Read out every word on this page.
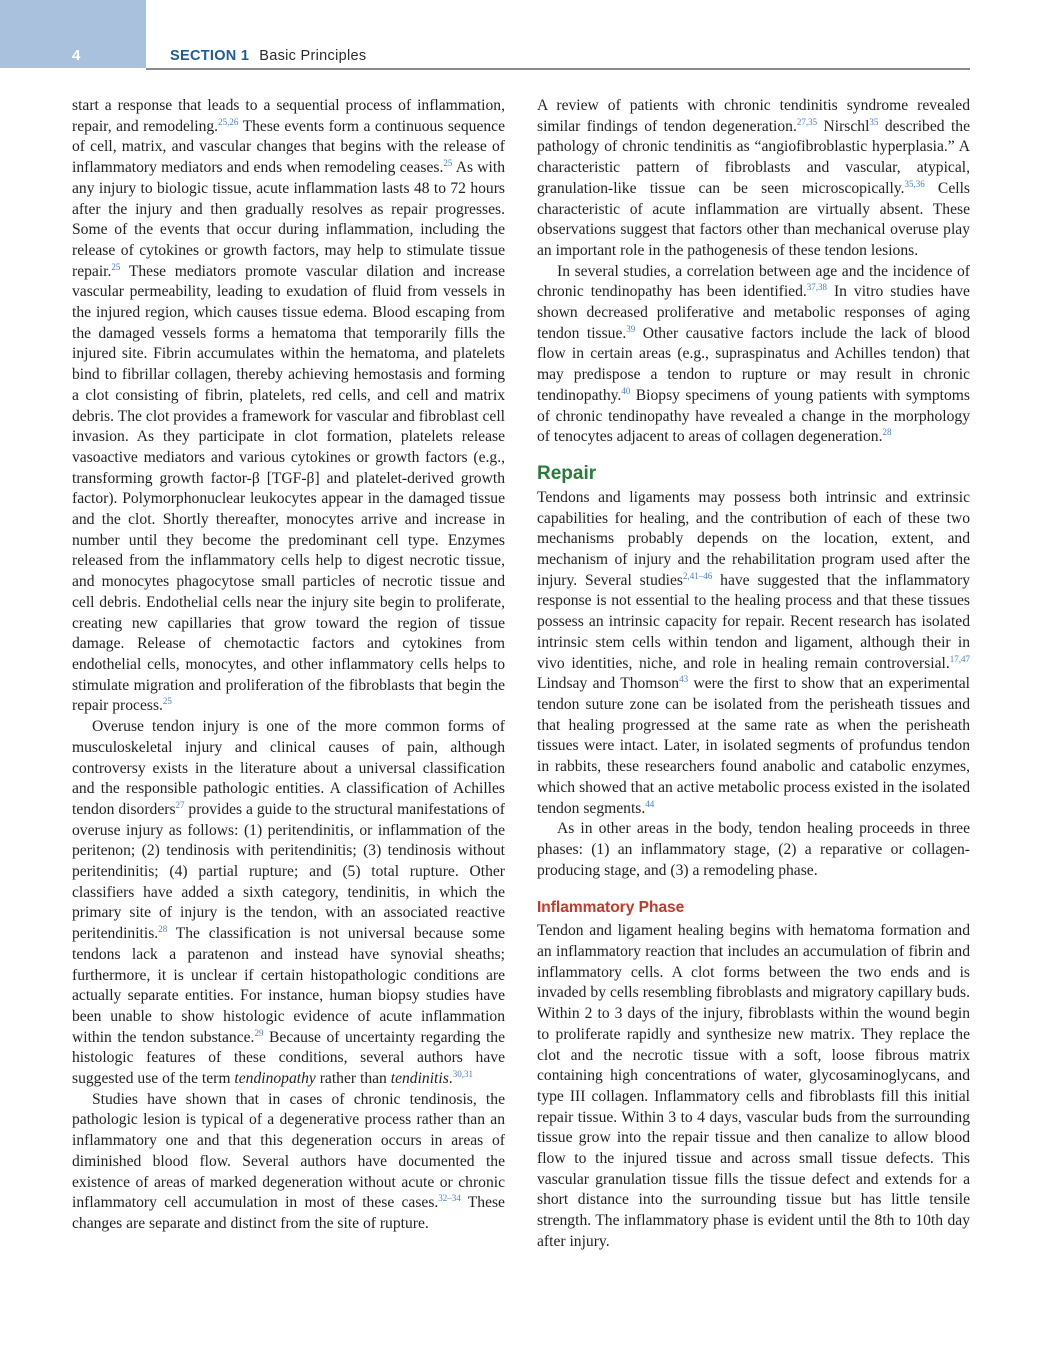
4	SECTION 1 Basic Principles

start a response that leads to a sequential process of inflammation, repair, and remodeling.$^{25,26}$ These events form a continuous sequence of cell, matrix, and vascular changes that begins with the release of inflammatory mediators and ends when remodeling ceases.$^{25}$ As with any injury to biologic tissue, acute inflammation lasts 48 to 72 hours after the injury and then gradually resolves as repair progresses. Some of the events that occur during inflammation, including the release of cytokines or growth factors, may help to stimulate tissue repair.$^{25}$ These mediators promote vascular dilation and increase vascular permeability, leading to exudation of fluid from vessels in the injured region, which causes tissue edema. Blood escaping from the damaged vessels forms a hematoma that temporarily fills the injured site. Fibrin accumulates within the hematoma, and platelets bind to fibrillar collagen, thereby achieving hemostasis and forming a clot consisting of fibrin, platelets, red cells, and cell and matrix debris. The clot provides a framework for vascular and fibroblast cell invasion. As they participate in clot formation, platelets release vasoactive mediators and various cytokines or growth factors (e.g., transforming growth factor-β [TGF-β] and platelet-derived growth factor). Polymorphonuclear leukocytes appear in the damaged tissue and the clot. Shortly thereafter, monocytes arrive and increase in number until they become the predominant cell type. Enzymes released from the inflammatory cells help to digest necrotic tissue, and monocytes phagocytose small particles of necrotic tissue and cell debris. Endothelial cells near the injury site begin to proliferate, creating new capillaries that grow toward the region of tissue damage. Release of chemotactic factors and cytokines from endothelial cells, monocytes, and other inflammatory cells helps to stimulate migration and proliferation of the fibroblasts that begin the repair process.$^{25}$

Overuse tendon injury is one of the more common forms of musculoskeletal injury and clinical causes of pain, although controversy exists in the literature about a universal classification and the responsible pathologic entities. A classification of Achilles tendon disorders$^{27}$ provides a guide to the structural manifestations of overuse injury as follows: (1) peritendinitis, or inflammation of the peritenon; (2) tendinosis with peritendinitis; (3) tendinosis without peritendinitis; (4) partial rupture; and (5) total rupture. Other classifiers have added a sixth category, tendinitis, in which the primary site of injury is the tendon, with an associated reactive peritendinitis.$^{28}$ The classification is not universal because some tendons lack a paratenon and instead have synovial sheaths; furthermore, it is unclear if certain histopathologic conditions are actually separate entities. For instance, human biopsy studies have been unable to show histologic evidence of acute inflammation within the tendon substance.$^{29}$ Because of uncertainty regarding the histologic features of these conditions, several authors have suggested use of the term tendinopathy rather than tendinitis.$^{30,31}$

Studies have shown that in cases of chronic tendinosis, the pathologic lesion is typical of a degenerative process rather than an inflammatory one and that this degeneration occurs in areas of diminished blood flow. Several authors have documented the existence of areas of marked degeneration without acute or chronic inflammatory cell accumulation in most of these cases.$^{32-34}$ These changes are separate and distinct from the site of rupture.

A review of patients with chronic tendinitis syndrome revealed similar findings of tendon degeneration.$^{27,35}$ Nirschl$^{35}$ described the pathology of chronic tendinitis as “angiofibroblastic hyperplasia.” A characteristic pattern of fibroblasts and vascular, atypical, granulation-like tissue can be seen microscopically.$^{35,36}$ Cells characteristic of acute inflammation are virtually absent. These observations suggest that factors other than mechanical overuse play an important role in the pathogenesis of these tendon lesions.

In several studies, a correlation between age and the incidence of chronic tendinopathy has been identified.$^{37,38}$ In vitro studies have shown decreased proliferative and metabolic responses of aging tendon tissue.$^{39}$ Other causative factors include the lack of blood flow in certain areas (e.g., supraspinatus and Achilles tendon) that may predispose a tendon to rupture or may result in chronic tendinopathy.$^{40}$ Biopsy specimens of young patients with symptoms of chronic tendinopathy have revealed a change in the morphology of tenocytes adjacent to areas of collagen degeneration.$^{28}$

Repair

Tendons and ligaments may possess both intrinsic and extrinsic capabilities for healing, and the contribution of each of these two mechanisms probably depends on the location, extent, and mechanism of injury and the rehabilitation program used after the injury. Several studies$^{2,41-46}$ have suggested that the inflammatory response is not essential to the healing process and that these tissues possess an intrinsic capacity for repair. Recent research has isolated intrinsic stem cells within tendon and ligament, although their in vivo identities, niche, and role in healing remain controversial.$^{17,47}$ Lindsay and Thomson$^{43}$ were the first to show that an experimental tendon suture zone can be isolated from the perisheath tissues and that healing progressed at the same rate as when the perisheath tissues were intact. Later, in isolated segments of profundus tendon in rabbits, these researchers found anabolic and catabolic enzymes, which showed that an active metabolic process existed in the isolated tendon segments.$^{44}$

As in other areas in the body, tendon healing proceeds in three phases: (1) an inflammatory stage, (2) a reparative or collagen-producing stage, and (3) a remodeling phase.

Inflammatory Phase

Tendon and ligament healing begins with hematoma formation and an inflammatory reaction that includes an accumulation of fibrin and inflammatory cells. A clot forms between the two ends and is invaded by cells resembling fibroblasts and migratory capillary buds. Within 2 to 3 days of the injury, fibroblasts within the wound begin to proliferate rapidly and synthesize new matrix. They replace the clot and the necrotic tissue with a soft, loose fibrous matrix containing high concentrations of water, glycosaminoglycans, and type III collagen. Inflammatory cells and fibroblasts fill this initial repair tissue. Within 3 to 4 days, vascular buds from the surrounding tissue grow into the repair tissue and then canalize to allow blood flow to the injured tissue and across small tissue defects. This vascular granulation tissue fills the tissue defect and extends for a short distance into the surrounding tissue but has little tensile strength. The inflammatory phase is evident until the 8th to 10th day after injury.
